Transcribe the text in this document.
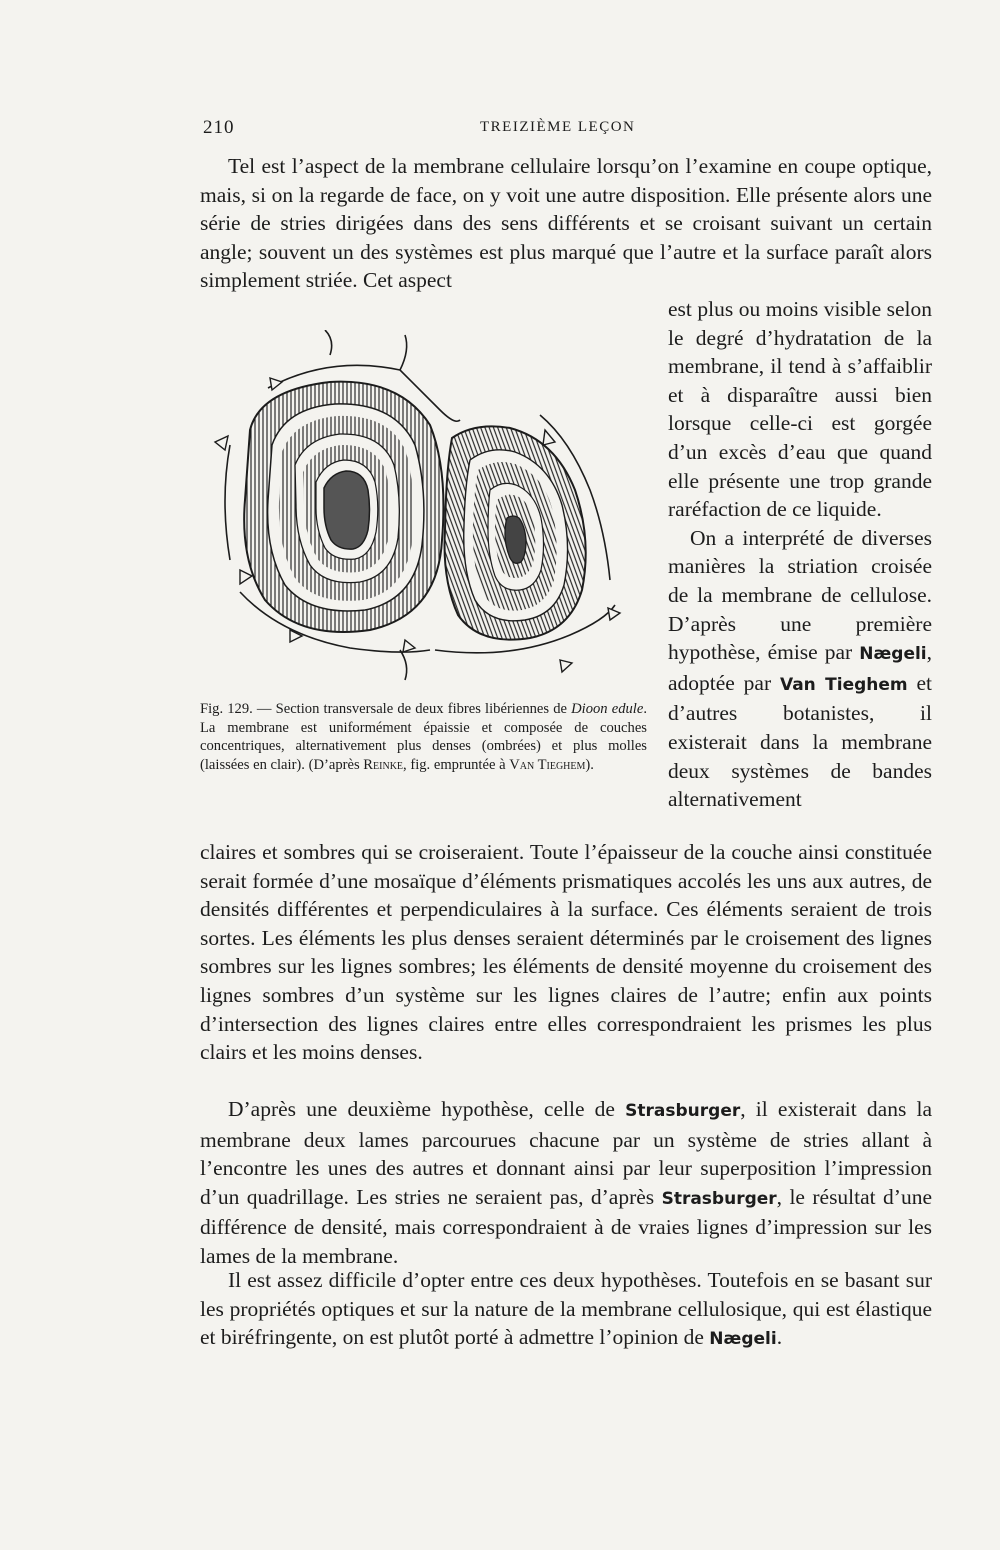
210	TREIZIÈME LEÇON

Tel est l’aspect de la membrane cellulaire lorsqu’on l’examine en coupe optique, mais, si on la regarde de face, on y voit une autre disposition. Elle présente alors une série de stries dirigées dans des sens différents et se croisant suivant un certain angle; souvent un des systèmes est plus marqué que l’autre et la surface paraît alors simplement striée. Cet aspect

est plus ou moins visible selon le degré d’hydratation de la membrane, il tend à s’affaiblir et à disparaître aussi bien lorsque celle-ci est gorgée d’un excès d’eau que quand elle présente une trop grande raréfaction de ce liquide.
On a interprété de diverses manières la striation croisée de la membrane de cellulose. D’après une première hypothèse, émise par Nægeli, adoptée par Van Tieghem et d’autres botanistes, il existerait dans la membrane deux systèmes de bandes alternativement

Fig. 129. — Section transversale de deux fibres libériennes de Dioon edule. La membrane est uniformément épaissie et composée de couches concentriques, alternativement plus denses (ombrées) et plus molles (laissées en clair). (D’après Reinke, fig. empruntée à Van Tieghem).

claires et sombres qui se croiseraient. Toute l’épaisseur de la couche ainsi constituée serait formée d’une mosaïque d’éléments prismatiques accolés les uns aux autres, de densités différentes et perpendiculaires à la surface. Ces éléments seraient de trois sortes. Les éléments les plus denses seraient déterminés par le croisement des lignes sombres sur les lignes sombres; les éléments de densité moyenne du croisement des lignes sombres d’un système sur les lignes claires de l’autre; enfin aux points d’intersection des lignes claires entre elles correspondraient les prismes les plus clairs et les moins denses.

D’après une deuxième hypothèse, celle de Strasburger, il existerait dans la membrane deux lames parcourues chacune par un système de stries allant à l’encontre les unes des autres et donnant ainsi par leur superposition l’impression d’un quadrillage. Les stries ne seraient pas, d’après Strasburger, le résultat d’une différence de densité, mais correspondraient à de vraies lignes d’impression sur les lames de la membrane.

Il est assez difficile d’opter entre ces deux hypothèses. Toutefois en se basant sur les propriétés optiques et sur la nature de la membrane cellulosique, qui est élastique et biréfringente, on est plutôt porté à admettre l’opinion de Nægeli.
